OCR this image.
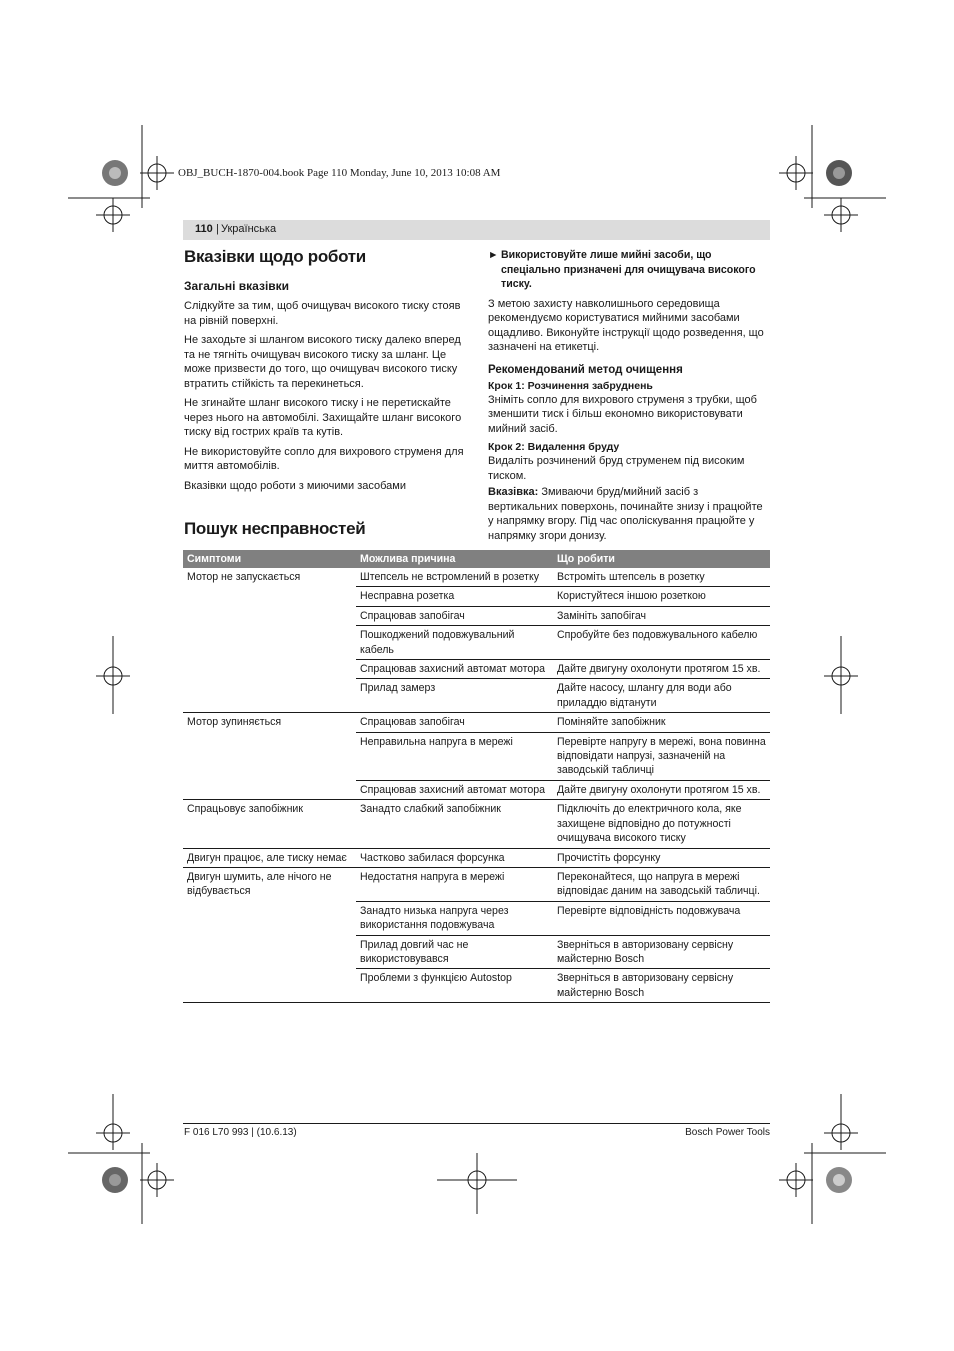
OBJ_BUCH-1870-004.book Page 110 Monday, June 10, 2013 10:08 AM
110 | Українська
Вказівки щодо роботи
Загальні вказівки
Слідкуйте за тим, щоб очищувач високого тиску стояв на рівній поверхні.
Не заходьте зі шлангом високого тиску далеко вперед та не тягніть очищувач високого тиску за шланг. Це може призвести до того, що очищувач високого тиску втратить стійкість та перекинеться.
Не згинайте шланг високого тиску і не перетискайте через нього на автомобілі. Захищайте шланг високого тиску від гострих країв та кутів.
Не використовуйте сопло для вихрового струменя для миття автомобілів.
Вказівки щодо роботи з миючими засобами
► Використовуйте лише мийні засоби, що спеціально призначені для очищувача високого тиску.
З метою захисту навколишнього середовища рекомендуємо користуватися мийними засобами ощадливо. Виконуйте інструкції щодо розведення, що зазначені на етикетці.
Рекомендований метод очищення
Крок 1: Розчинення забруднень
Зніміть сопло для вихрового струменя з трубки, щоб зменшити тиск і більш економно використовувати мийний засіб.
Крок 2: Видалення бруду
Видаліть розчинений бруд струменем під високим тиском.
Вказівка: Змиваючи бруд/мийний засіб з вертикальних поверхонь, починайте знизу і працюйте у напрямку вгору. Під час ополіскування працюйте у напрямку згори донизу.
Пошук несправностей
Симптоми	Можлива причина	Що робити
Мотор не запускається	Штепсель не встромлений в розетку	Встроміть штепсель в розетку
	Несправна розетка	Користуйтеся іншою розеткою
	Спрацював запобігач	Замініть запобігач
	Пошкоджений подовжувальний кабель	Спробуйте без подовжувального кабелю
	Спрацював захисний автомат мотора	Дайте двигуну охолонути протягом 15 хв.
	Прилад замерз	Дайте насосу, шлангу для води або приладдю відтанути
Мотор зупиняється	Спрацював запобігач	Поміняйте запобіжник
	Неправильна напруга в мережі	Перевірте напругу в мережі, вона повинна відповідати напрузі, зазначеній на заводській табличці
	Спрацював захисний автомат мотора	Дайте двигуну охолонути протягом 15 хв.
Спрацьовує запобіжник	Занадто слабкий запобіжник	Підключіть до електричного кола, яке захищене відповідно до потужності очищувача високого тиску
Двигун працює, але тиску немає	Частково забилася форсунка	Прочистіть форсунку
Двигун шумить, але нічого не відбувається	Недостатня напруга в мережі	Переконайтеся, що напруга в мережі відповідає даним на заводській табличці.
	Занадто низька напруга через використання подовжувача	Перевірте відповідність подовжувача
	Прилад довгий час не використовувався	Зверніться в авторизовану сервісну майстерню Bosch
	Проблеми з функцією Autostop	Зверніться в авторизовану сервісну майстерню Bosch
F 016 L70 993 | (10.6.13)	Bosch Power Tools
